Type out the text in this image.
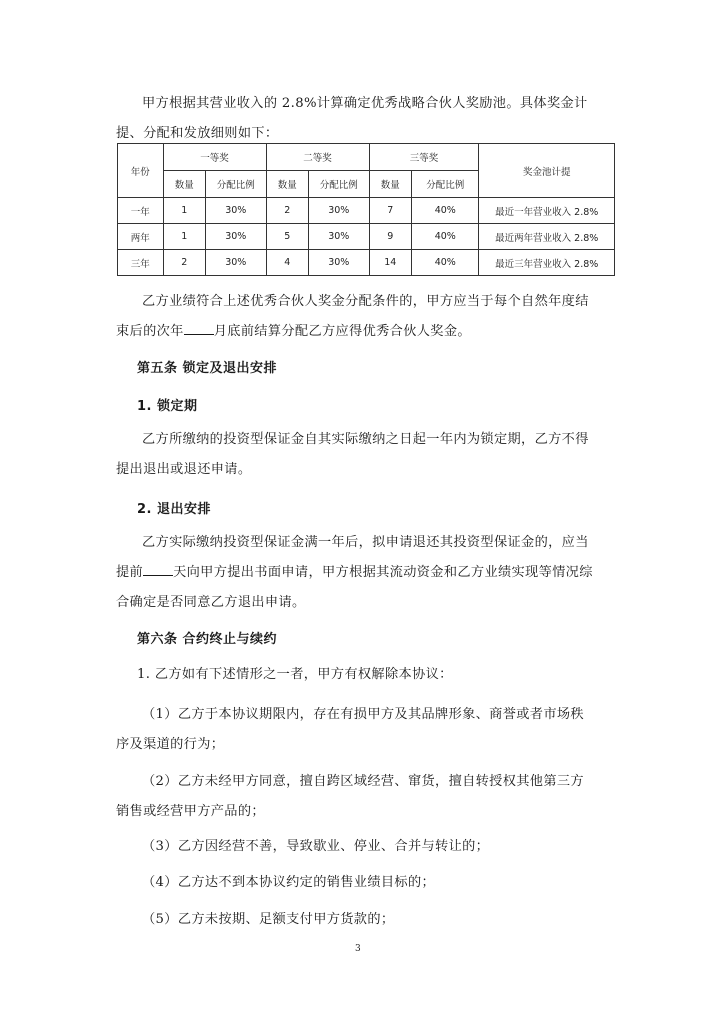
甲方根据其营业收入的 2.8%计算确定优秀战略合伙人奖励池。具体奖金计
提、分配和发放细则如下：

年份	一等奖		二等奖		三等奖		奖金池计提
	数量	分配比例	数量	分配比例	数量	分配比例	
一年	1	30%	2	30%	7	40%	最近一年营业收入 2.8%
两年	1	30%	5	30%	9	40%	最近两年营业收入 2.8%
三年	2	30%	4	30%	14	40%	最近三年营业收入 2.8%

乙方业绩符合上述优秀合伙人奖金分配条件的，甲方应当于每个自然年度结
束后的次年 月底前结算分配乙方应得优秀合伙人奖金。

第五条 锁定及退出安排

1. 锁定期

乙方所缴纳的投资型保证金自其实际缴纳之日起一年内为锁定期，乙方不得
提出退出或退还申请。

2. 退出安排

乙方实际缴纳投资型保证金满一年后，拟申请退还其投资型保证金的，应当
提前 天向甲方提出书面申请，甲方根据其流动资金和乙方业绩实现等情况综
合确定是否同意乙方退出申请。

第六条 合约终止与续约

1. 乙方如有下述情形之一者，甲方有权解除本协议：

（1）乙方于本协议期限内，存在有损甲方及其品牌形象、商誉或者市场秩
序及渠道的行为；

（2）乙方未经甲方同意，擅自跨区域经营、窜货，擅自转授权其他第三方
销售或经营甲方产品的；

（3）乙方因经营不善，导致歇业、停业、合并与转让的；

（4）乙方达不到本协议约定的销售业绩目标的；

（5）乙方未按期、足额支付甲方货款的；

3
